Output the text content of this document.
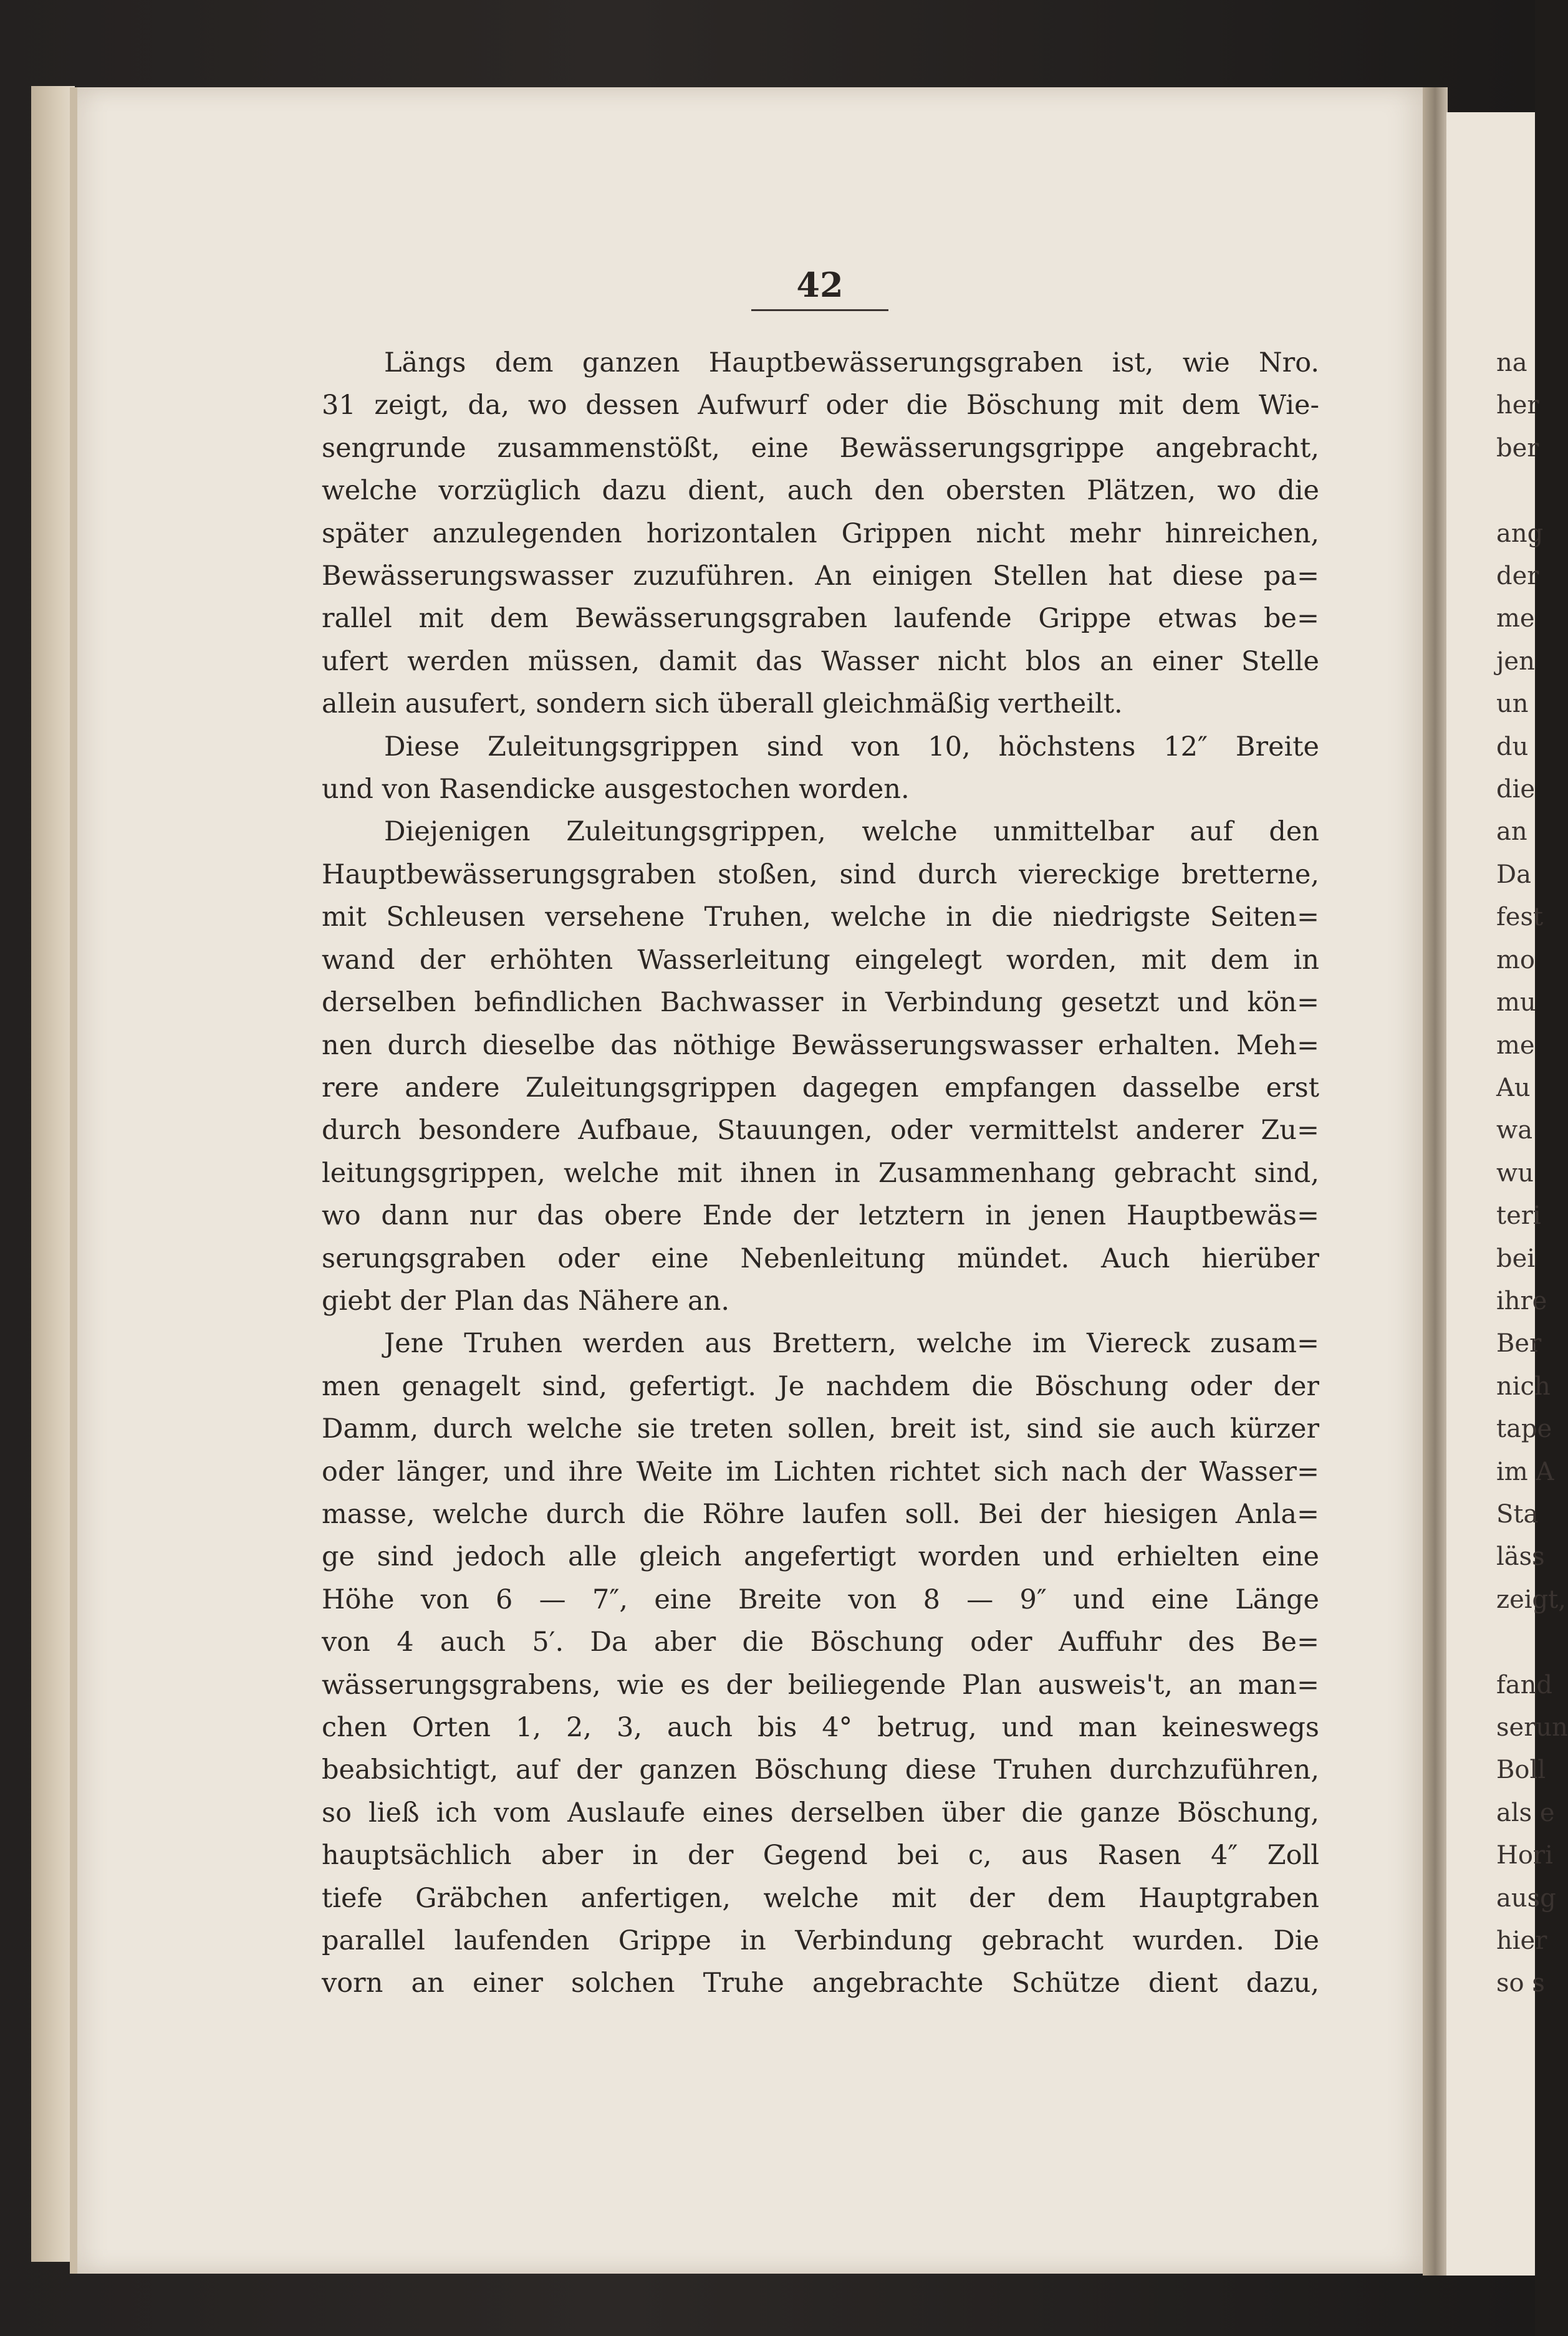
42
Längs dem ganzen Hauptbewässerungsgraben ist, wie Nro.
31 zeigt, da, wo dessen Aufwurf oder die Böschung mit dem Wie-
sengrunde zusammenstößt, eine Bewässerungsgrippe angebracht,
welche vorzüglich dazu dient, auch den obersten Plätzen, wo die
später anzulegenden horizontalen Grippen nicht mehr hinreichen,
Bewässerungswasser zuzuführen. An einigen Stellen hat diese pa=
rallel mit dem Bewässerungsgraben laufende Grippe etwas be=
ufert werden müssen, damit das Wasser nicht blos an einer Stelle
allein ausufert, sondern sich überall gleichmäßig vertheilt.
Diese Zuleitungsgrippen sind von 10, höchstens 12″ Breite
und von Rasendicke ausgestochen worden.
Diejenigen Zuleitungsgrippen, welche unmittelbar auf den
Hauptbewässerungsgraben stoßen, sind durch viereckige bretterne,
mit Schleusen versehene Truhen, welche in die niedrigste Seiten=
wand der erhöhten Wasserleitung eingelegt worden, mit dem in
derselben befindlichen Bachwasser in Verbindung gesetzt und kön=
nen durch dieselbe das nöthige Bewässerungswasser erhalten. Meh=
rere andere Zuleitungsgrippen dagegen empfangen dasselbe erst
durch besondere Aufbaue, Stauungen, oder vermittelst anderer Zu=
leitungsgrippen, welche mit ihnen in Zusammenhang gebracht sind,
wo dann nur das obere Ende der letztern in jenen Hauptbewäs=
serungsgraben oder eine Nebenleitung mündet. Auch hierüber
giebt der Plan das Nähere an.
Jene Truhen werden aus Brettern, welche im Viereck zusam=
men genagelt sind, gefertigt. Je nachdem die Böschung oder der
Damm, durch welche sie treten sollen, breit ist, sind sie auch kürzer
oder länger, und ihre Weite im Lichten richtet sich nach der Wasser=
masse, welche durch die Röhre laufen soll. Bei der hiesigen Anla=
ge sind jedoch alle gleich angefertigt worden und erhielten eine
Höhe von 6 — 7″, eine Breite von 8 — 9″ und eine Länge
von 4 auch 5′. Da aber die Böschung oder Auffuhr des Be=
wässerungsgrabens, wie es der beiliegende Plan ausweis't, an man=
chen Orten 1, 2, 3, auch bis 4° betrug, und man keineswegs
beabsichtigt, auf der ganzen Böschung diese Truhen durchzuführen,
so ließ ich vom Auslaufe eines derselben über die ganze Böschung,
hauptsächlich aber in der Gegend bei c, aus Rasen 4″ Zoll
tiefe Gräbchen anfertigen, welche mit der dem Hauptgraben
parallel laufenden Grippe in Verbindung gebracht wurden. Die
vorn an einer solchen Truhe angebrachte Schütze dient dazu,
na
her
ber

ang
der
me
jen
un
du
die
an
Da
fest
mo
mu
me
Au
wa
wu
teri
bei
ihre
Ber
nich
tape
im A
Sta
läss
zeigt,

fand
serun
Boll
als e
Hori
ausg
hier
so s
